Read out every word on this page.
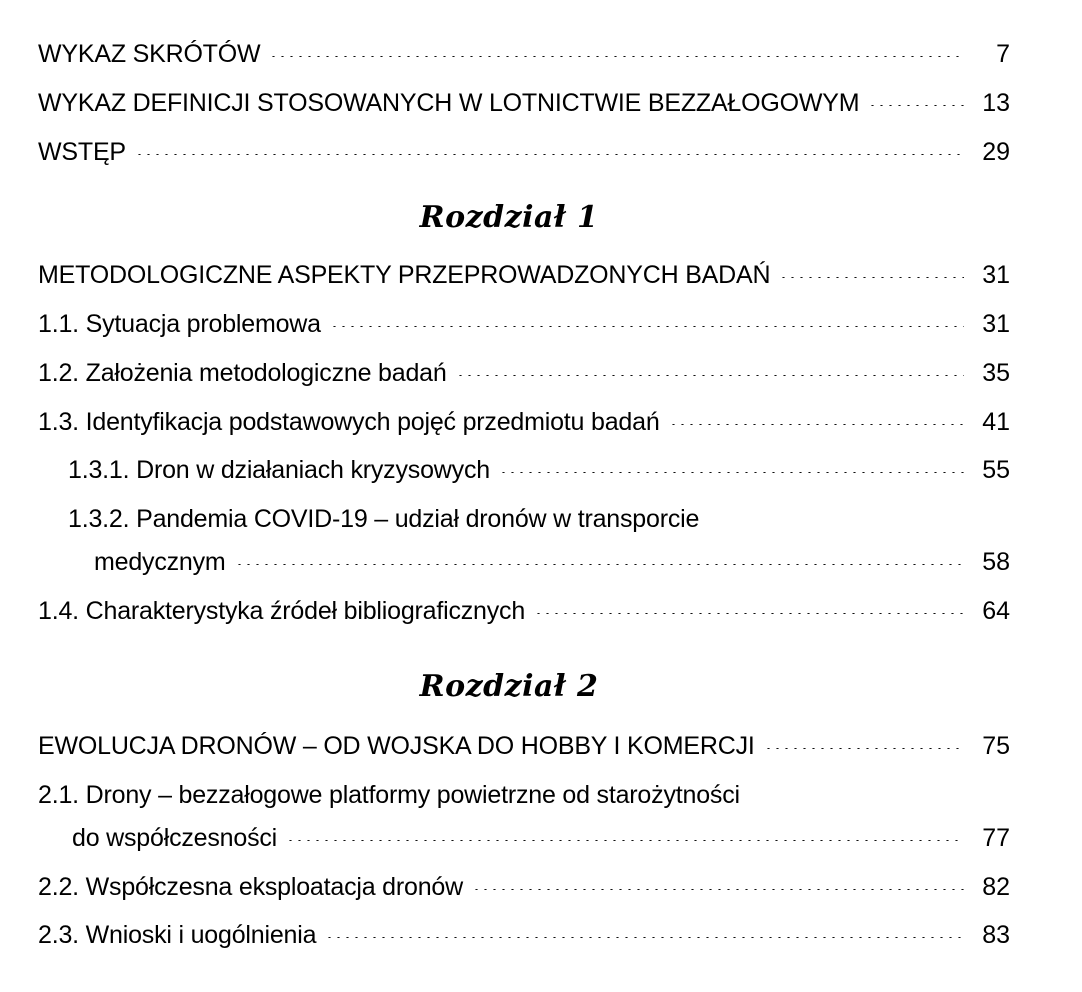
WYKAZ SKRÓTÓW	7
WYKAZ DEFINICJI STOSOWANYCH W LOTNICTWIE BEZZAŁOGOWYM	13
WSTĘP	29
Rozdział 1
METODOLOGICZNE ASPEKTY PRZEPROWADZONYCH BADAŃ	31
1.1. Sytuacja problemowa	31
1.2. Założenia metodologiczne badań	35
1.3. Identyfikacja podstawowych pojęć przedmiotu badań	41
1.3.1. Dron w działaniach kryzysowych	55
1.3.2. Pandemia COVID-19 – udział dronów w transporcie
medycznym	58
1.4. Charakterystyka źródeł bibliograficznych	64
Rozdział 2
EWOLUCJA DRONÓW – OD WOJSKA DO HOBBY I KOMERCJI	75
2.1. Drony – bezzałogowe platformy powietrzne od starożytności
do współczesności	77
2.2. Współczesna eksploatacja dronów	82
2.3. Wnioski i uogólnienia	83
